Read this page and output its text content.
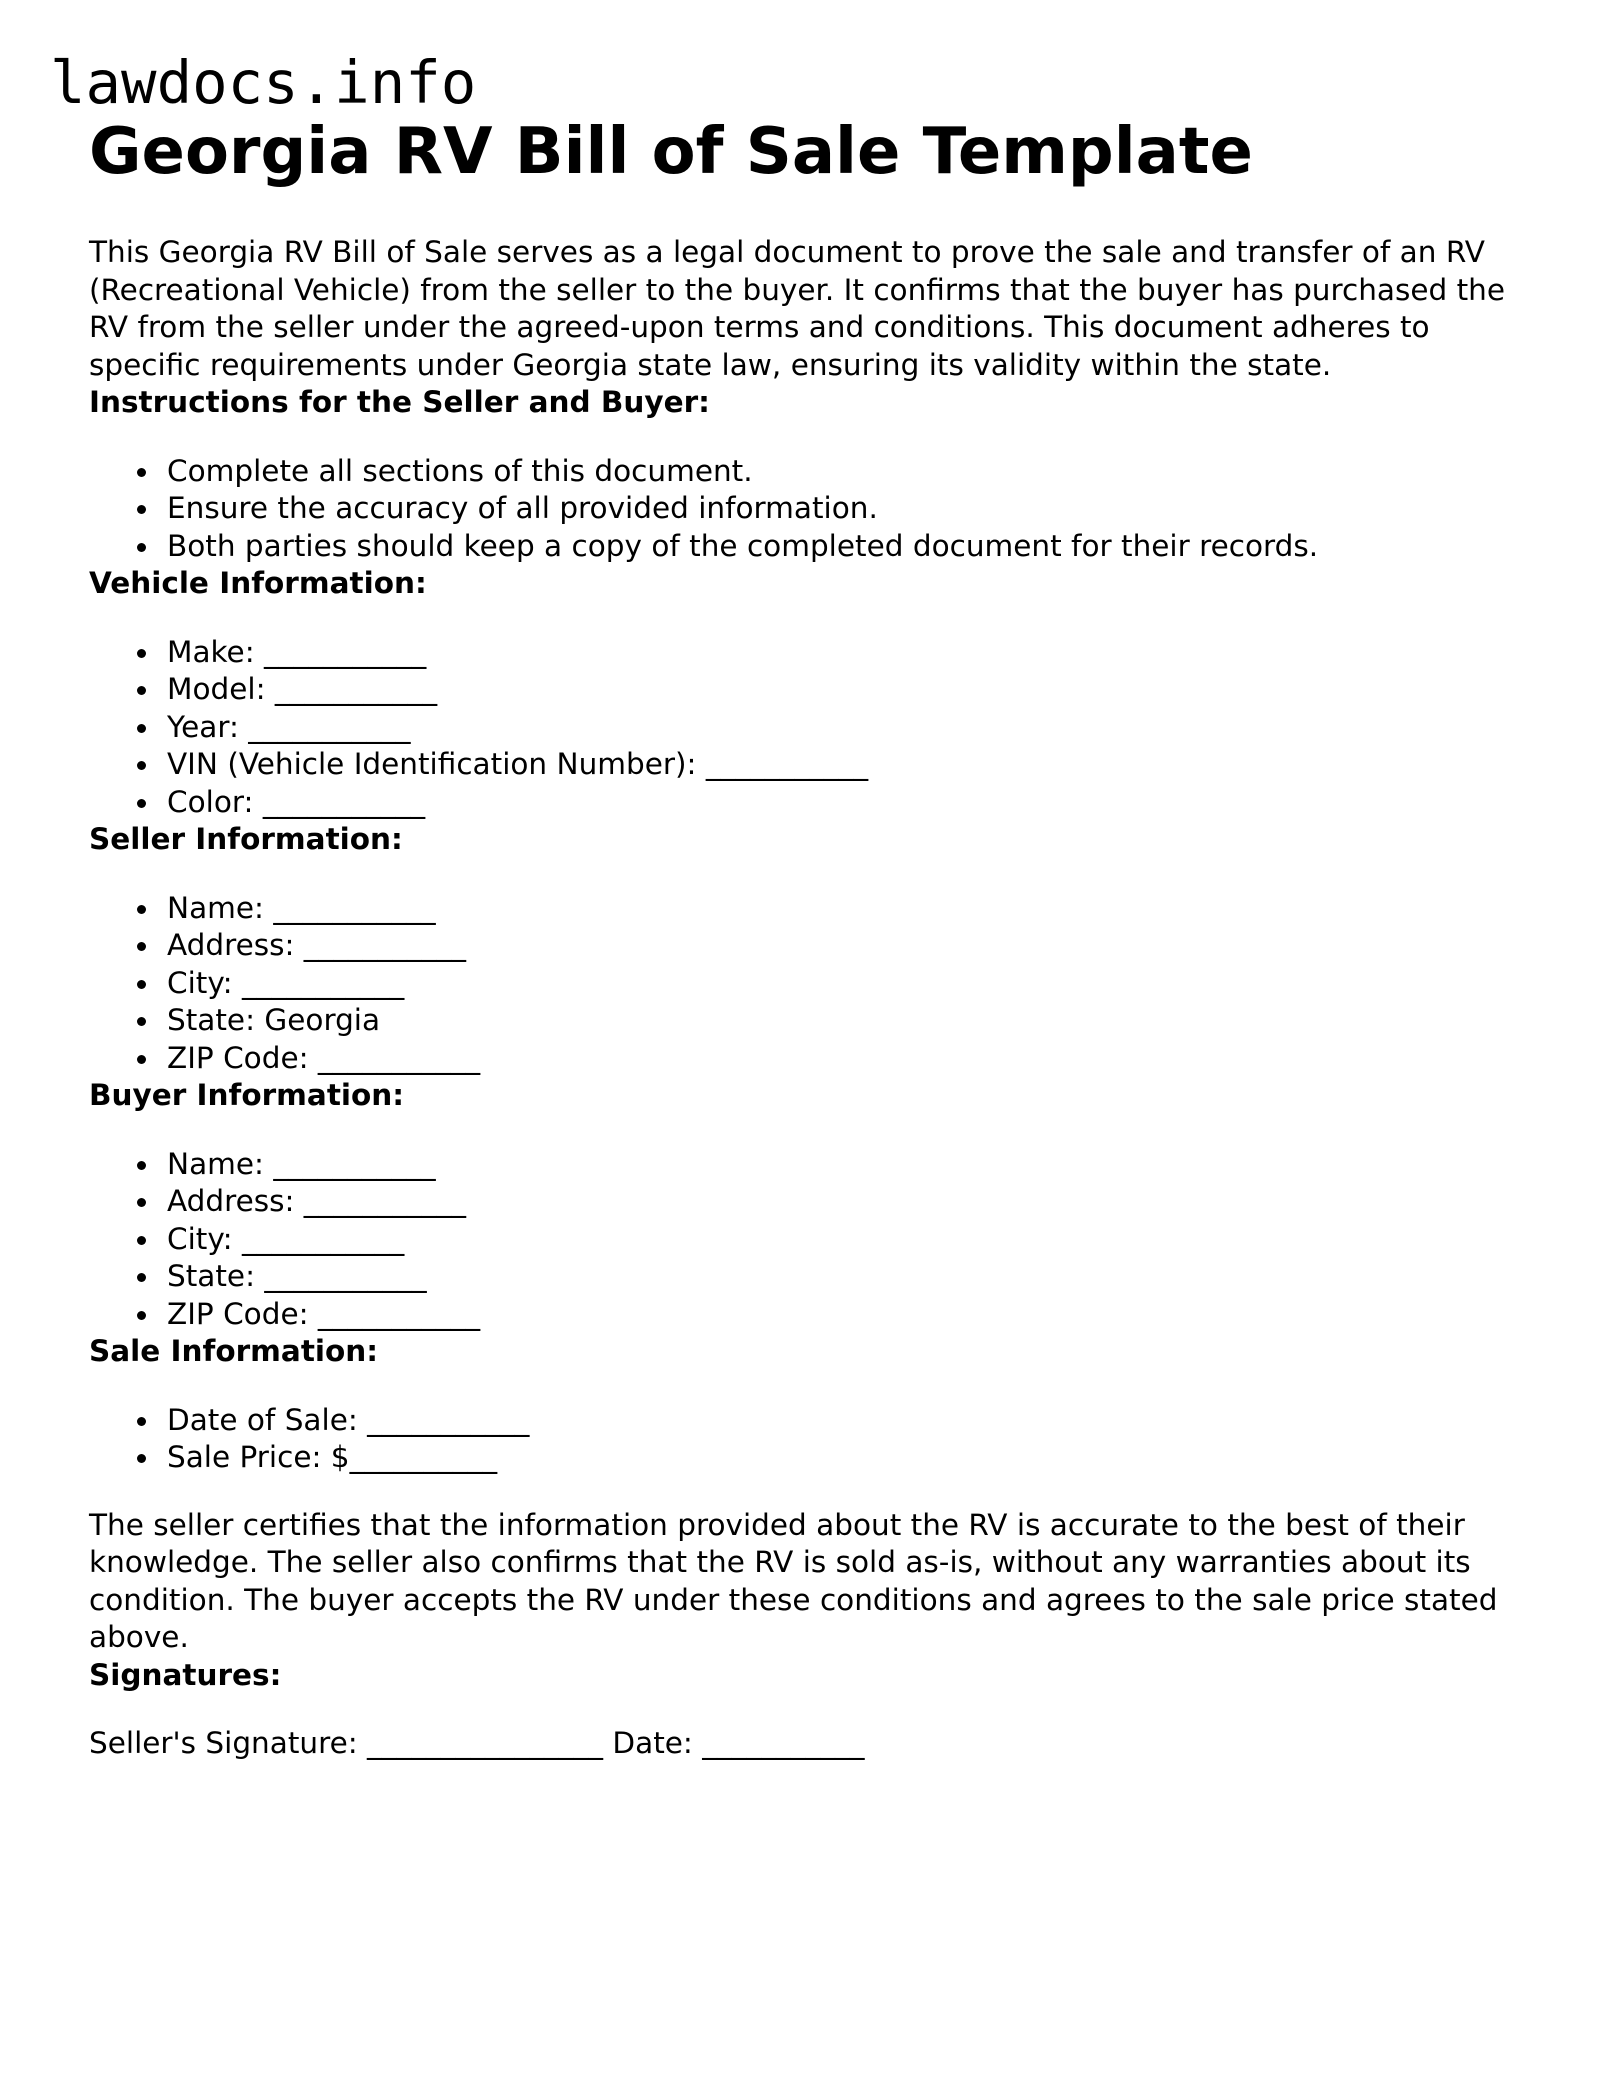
lawdocs.info
Georgia RV Bill of Sale Template

This Georgia RV Bill of Sale serves as a legal document to prove the sale and transfer of an RV (Recreational Vehicle) from the seller to the buyer. It confirms that the buyer has purchased the RV from the seller under the agreed-upon terms and conditions. This document adheres to specific requirements under Georgia state law, ensuring its validity within the state.

Instructions for the Seller and Buyer:
Complete all sections of this document.
Ensure the accuracy of all provided information.
Both parties should keep a copy of the completed document for their records.
Vehicle Information:
Make: ___________
Model: ___________
Year: ___________
VIN (Vehicle Identification Number): ___________
Color: ___________
Seller Information:
Name: ___________
Address: ___________
City: ___________
State: Georgia
ZIP Code: ___________
Buyer Information:
Name: ___________
Address: ___________
City: ___________
State: ___________
ZIP Code: ___________
Sale Information:
Date of Sale: ___________
Sale Price: $__________

The seller certifies that the information provided about the RV is accurate to the best of their knowledge. The seller also confirms that the RV is sold as-is, without any warranties about its condition. The buyer accepts the RV under these conditions and agrees to the sale price stated above.

Signatures:

Seller's Signature: ________________ Date: ___________
